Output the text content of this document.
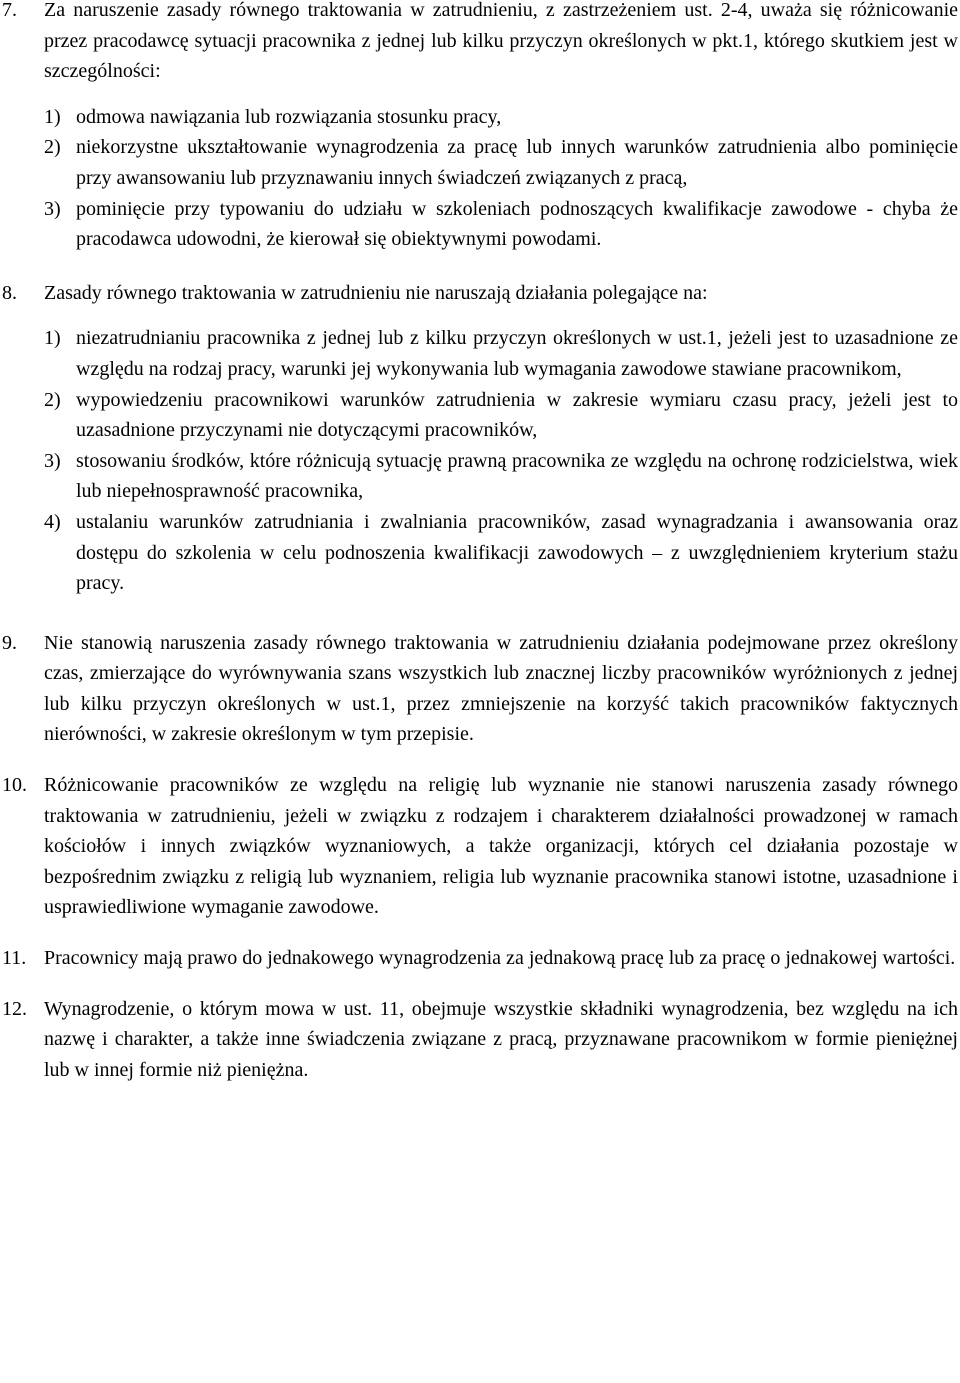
7. Za naruszenie zasady równego traktowania w zatrudnieniu, z zastrzeżeniem ust. 2-4, uważa się różnicowanie przez pracodawcę sytuacji pracownika z jednej lub kilku przyczyn określonych w pkt.1, którego skutkiem jest w szczególności:
1) odmowa nawiązania lub rozwiązania stosunku pracy,
2) niekorzystne ukształtowanie wynagrodzenia za pracę lub innych warunków zatrudnienia albo pominięcie przy awansowaniu lub przyznawaniu innych świadczeń związanych z pracą,
3) pominięcie przy typowaniu do udziału w szkoleniach podnoszących kwalifikacje zawodowe - chyba że pracodawca udowodni, że kierował się obiektywnymi powodami.
8. Zasady równego traktowania w zatrudnieniu nie naruszają działania polegające na:
1) niezatrudnianiu pracownika z jednej lub z kilku przyczyn określonych w ust.1, jeżeli jest to uzasadnione ze względu na rodzaj pracy, warunki jej wykonywania lub wymagania zawodowe stawiane pracownikom,
2) wypowiedzeniu pracownikowi warunków zatrudnienia w zakresie wymiaru czasu pracy, jeżeli jest to uzasadnione przyczynami nie dotyczącymi pracowników,
3) stosowaniu środków, które różnicują sytuację prawną pracownika ze względu na ochronę rodzicielstwa, wiek lub niepełnosprawność pracownika,
4) ustalaniu warunków zatrudniania i zwalniania pracowników, zasad wynagradzania i awansowania oraz dostępu do szkolenia w celu podnoszenia kwalifikacji zawodowych – z uwzględnieniem kryterium stażu pracy.
9. Nie stanowią naruszenia zasady równego traktowania w zatrudnieniu działania podejmowane przez określony czas, zmierzające do wyrównywania szans wszystkich lub znacznej liczby pracowników wyróżnionych z jednej lub kilku przyczyn określonych w ust.1, przez zmniejszenie na korzyść takich pracowników faktycznych nierówności, w zakresie określonym w tym przepisie.
10. Różnicowanie pracowników ze względu na religię lub wyznanie nie stanowi naruszenia zasady równego traktowania w zatrudnieniu, jeżeli w związku z rodzajem i charakterem działalności prowadzonej w ramach kościołów i innych związków wyznaniowych, a także organizacji, których cel działania pozostaje w bezpośrednim związku z religią lub wyznaniem, religia lub wyznanie pracownika stanowi istotne, uzasadnione i usprawiedliwione wymaganie zawodowe.
11. Pracownicy mają prawo do jednakowego wynagrodzenia za jednakową pracę lub za pracę o jednakowej wartości.
12. Wynagrodzenie, o którym mowa w ust. 11, obejmuje wszystkie składniki wynagrodzenia, bez względu na ich nazwę i charakter, a także inne świadczenia związane z pracą, przyznawane pracownikom w formie pieniężnej lub w innej formie niż pieniężna.
